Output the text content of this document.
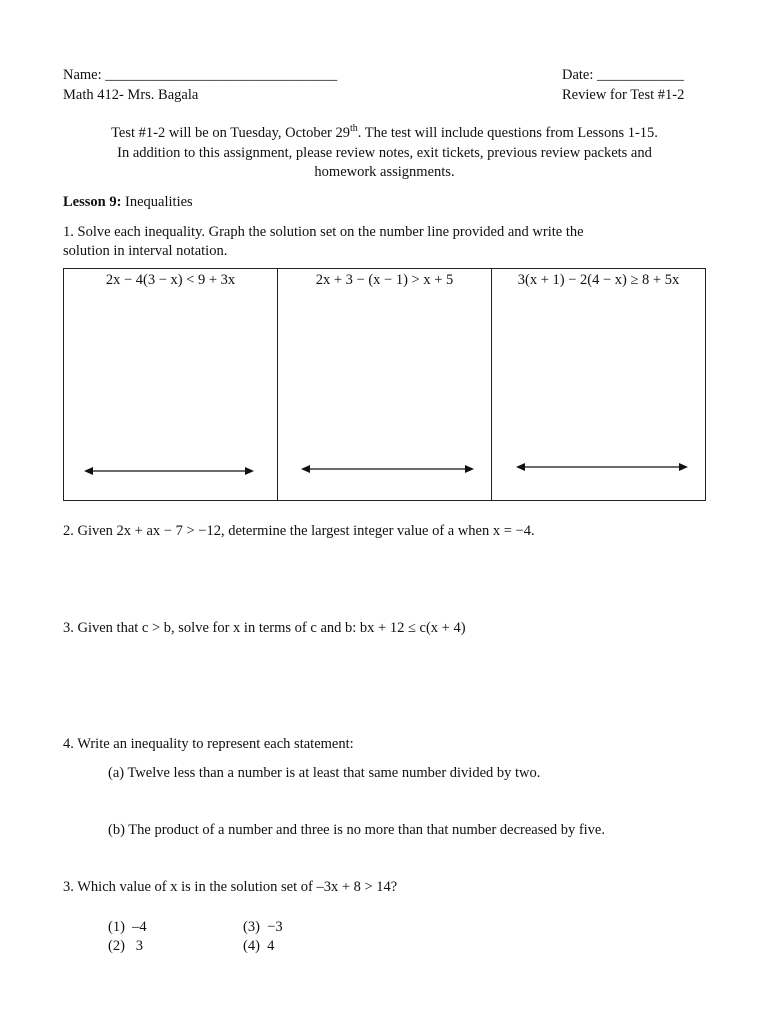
Name: ________________________________
Math 412- Mrs. Bagala
Date: ____________
Review for Test #1-2
Test #1-2 will be on Tuesday, October 29th. The test will include questions from Lessons 1-15.
In addition to this assignment, please review notes, exit tickets, previous review packets and
homework assignments.
Lesson 9: Inequalities
1. Solve each inequality. Graph the solution set on the number line provided and write the
solution in interval notation.
2x − 4(3 − x) < 9 + 3x	2x + 3 − (x − 1) > x + 5	3(x + 1) − 2(4 − x) ≥ 8 + 5x
2. Given 2x + ax − 7 > −12, determine the largest integer value of a when x = −4.
3. Given that c > b, solve for x in terms of c and b: bx + 12 ≤ c(x + 4)
4. Write an inequality to represent each statement:
(a) Twelve less than a number is at least that same number divided by two.
(b) The product of a number and three is no more than that number decreased by five.
3. Which value of x is in the solution set of –3x + 8 > 14?
(1) –4
(2) 3
(3) −3
(4) 4
